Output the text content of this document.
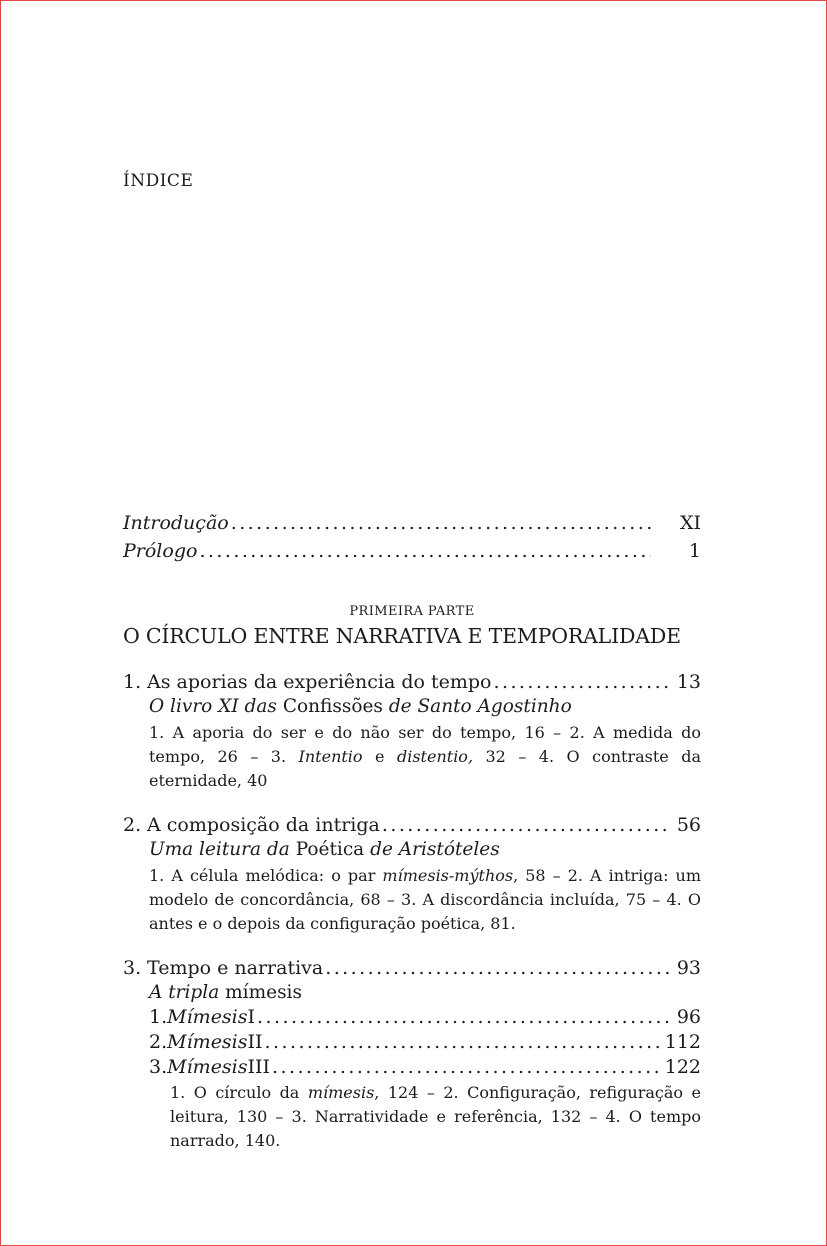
ÍNDICE
Introdução . . .	XI
Prólogo . . .	1
PRIMEIRA PARTE
O CÍRCULO ENTRE NARRATIVA E TEMPORALIDADE
1. As aporias da experiência do tempo . . .	13
O livro XI das Confissões de Santo Agostinho
1. A aporia do ser e do não ser do tempo, 16 – 2. A medida do tempo, 26 – 3. Intentio e distentio, 32 – 4. O contraste da eternidade, 40
2. A composição da intriga . . .	56
Uma leitura da Poética de Aristóteles
1. A célula melódica: o par mímesis-mýthos, 58 – 2. A intriga: um modelo de concordância, 68 – 3. A discordância incluída, 75 – 4. O antes e o depois da configuração poética, 81.
3. Tempo e narrativa . . .	93
A tripla mímesis
1. Mímesis I . . .	96
2. Mímesis II . . .	112
3. Mímesis III . . .	122
1. O círculo da mímesis, 124 – 2. Configuração, refiguração e leitura, 130 – 3. Narratividade e referência, 132 – 4. O tempo narrado, 140.
